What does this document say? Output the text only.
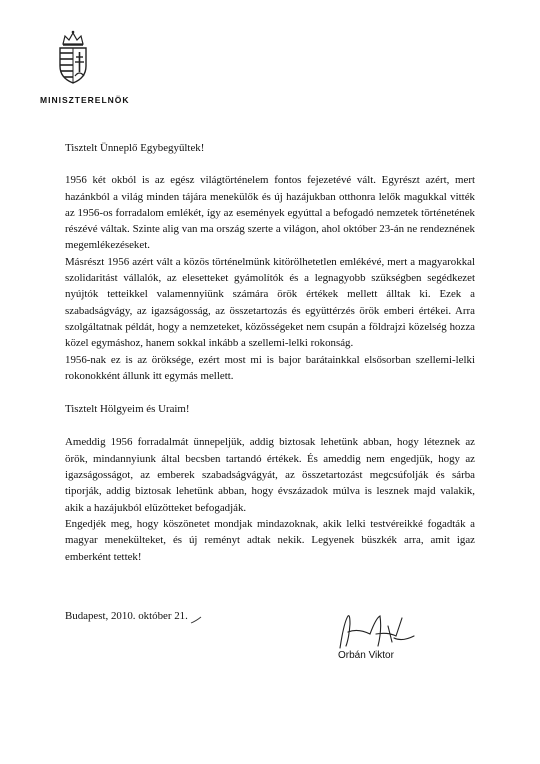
MINISZTERELNÖK

Tisztelt Ünneplő Egybegyűltek!

1956 két okból is az egész világtörténelem fontos fejezetévé vált. Egyrészt azért, mert hazánkból a világ minden tájára menekülők és új hazájukban otthonra lelők magukkal vitték az 1956-os forradalom emlékét, így az események egyúttal a befogadó nemzetek történetének részévé váltak. Szinte alig van ma ország szerte a világon, ahol október 23-án ne rendeznének megemlékezéseket.

Másrészt 1956 azért vált a közös történelmünk kitörölhetetlen emlékévé, mert a magyarokkal szolidaritást vállalók, az elesetteket gyámolítók és a legnagyobb szükségben segédkezet nyújtók tetteikkel valamennyiünk számára örök értékek mellett álltak ki. Ezek a szabadságvágy, az igazságosság, az összetartozás és együttérzés örök emberi értékei. Arra szolgáltatnak példát, hogy a nemzeteket, közösségeket nem csupán a földrajzi közelség hozza közel egymáshoz, hanem sokkal inkább a szellemi-lelki rokonság.

1956-nak ez is az öröksége, ezért most mi is bajor barátainkkal elsősorban szellemi-lelki rokonokként állunk itt egymás mellett.

Tisztelt Hölgyeim és Uraim!

Ameddig 1956 forradalmát ünnepeljük, addig biztosak lehetünk abban, hogy léteznek az örök, mindannyiunk által becsben tartandó értékek. És ameddig nem engedjük, hogy az igazságosságot, az emberek szabadságvágyát, az összetartozást megcsúfolják és sárba tiporják, addig biztosak lehetünk abban, hogy évszázadok múlva is lesznek majd valakik, akik a hazájukból elüzötteket befogadják.

Engedjék meg, hogy köszönetet mondjak mindazoknak, akik lelki testvéreikké fogadták a magyar menekülteket, és új reményt adtak nekik. Legyenek büszkék arra, amit igaz emberként tettek!

Budapest, 2010. október 21.
Orbán Viktor
